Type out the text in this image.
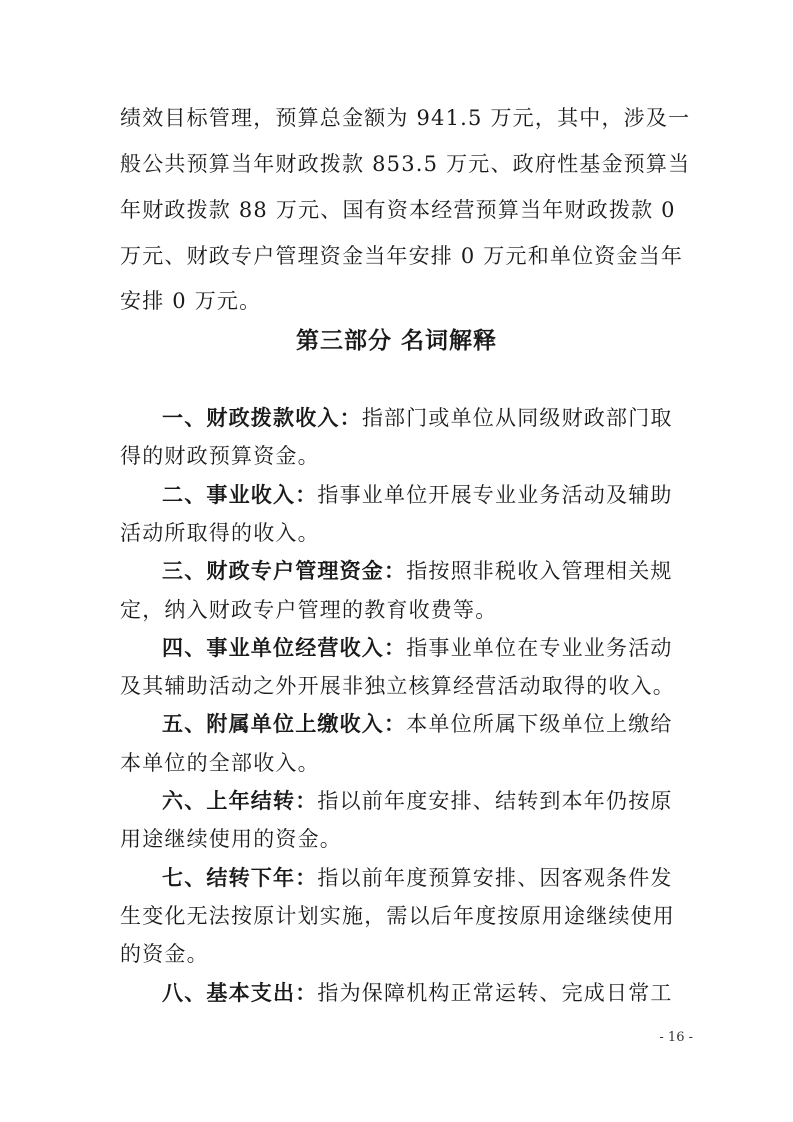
绩效目标管理，预算总金额为 941.5 万元，其中，涉及一
般公共预算当年财政拨款 853.5 万元、政府性基金预算当
年财政拨款 88 万元、国有资本经营预算当年财政拨款 0
万元、财政专户管理资金当年安排 0 万元和单位资金当年
安排 0 万元。
第三部分 名词解释
一、财政拨款收入：指部门或单位从同级财政部门取
得的财政预算资金。
二、事业收入：指事业单位开展专业业务活动及辅助
活动所取得的收入。
三、财政专户管理资金：指按照非税收入管理相关规
定，纳入财政专户管理的教育收费等。
四、事业单位经营收入：指事业单位在专业业务活动
及其辅助活动之外开展非独立核算经营活动取得的收入。
五、附属单位上缴收入：本单位所属下级单位上缴给
本单位的全部收入。
六、上年结转：指以前年度安排、结转到本年仍按原
用途继续使用的资金。
七、结转下年：指以前年度预算安排、因客观条件发
生变化无法按原计划实施，需以后年度按原用途继续使用
的资金。
八、基本支出：指为保障机构正常运转、完成日常工
- 16 -
